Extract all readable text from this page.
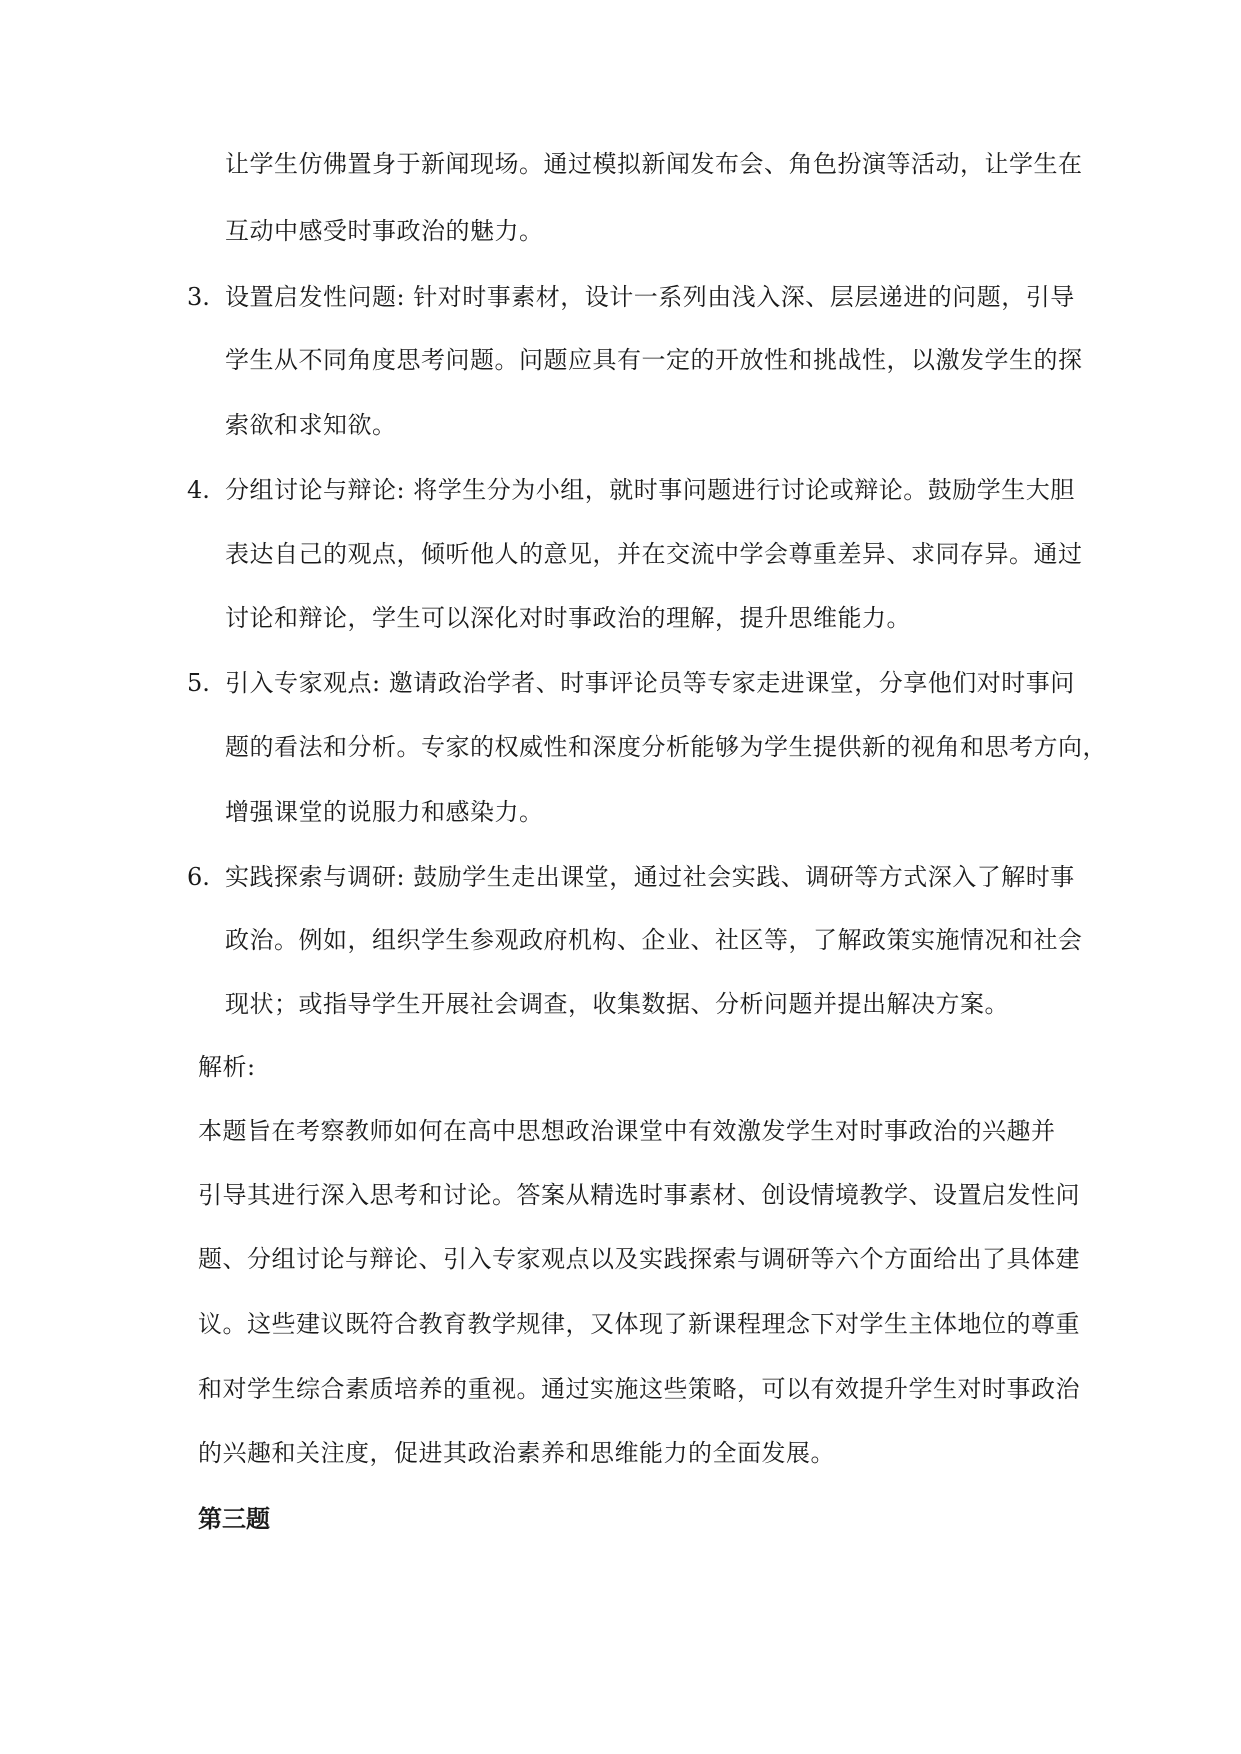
让学生仿佛置身于新闻现场。通过模拟新闻发布会、角色扮演等活动，让学生在
互动中感受时事政治的魅力。
3. 设置启发性问题: 针对时事素材，设计一系列由浅入深、层层递进的问题，引导
学生从不同角度思考问题。问题应具有一定的开放性和挑战性，以激发学生的探
索欲和求知欲。
4. 分组讨论与辩论: 将学生分为小组，就时事问题进行讨论或辩论。鼓励学生大胆
表达自己的观点，倾听他人的意见，并在交流中学会尊重差异、求同存异。通过
讨论和辩论，学生可以深化对时事政治的理解，提升思维能力。
5. 引入专家观点: 邀请政治学者、时事评论员等专家走进课堂，分享他们对时事问
题的看法和分析。专家的权威性和深度分析能够为学生提供新的视角和思考方向，
增强课堂的说服力和感染力。
6. 实践探索与调研: 鼓励学生走出课堂，通过社会实践、调研等方式深入了解时事
政治。例如，组织学生参观政府机构、企业、社区等，了解政策实施情况和社会
现状；或指导学生开展社会调查，收集数据、分析问题并提出解决方案。
解析:
本题旨在考察教师如何在高中思想政治课堂中有效激发学生对时事政治的兴趣并
引导其进行深入思考和讨论。答案从精选时事素材、创设情境教学、设置启发性问
题、分组讨论与辩论、引入专家观点以及实践探索与调研等六个方面给出了具体建
议。这些建议既符合教育教学规律，又体现了新课程理念下对学生主体地位的尊重
和对学生综合素质培养的重视。通过实施这些策略，可以有效提升学生对时事政治
的兴趣和关注度，促进其政治素养和思维能力的全面发展。
第三题
